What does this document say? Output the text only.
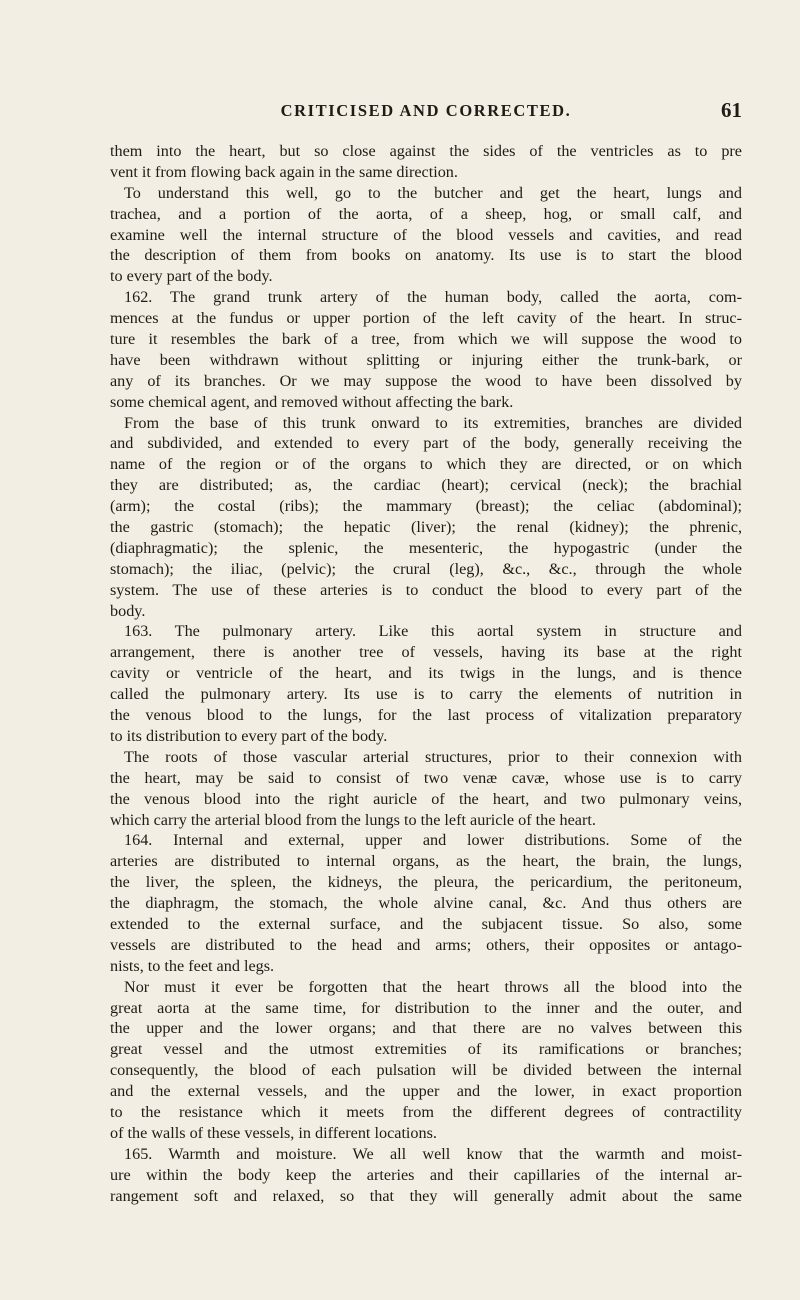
CRITICISED AND CORRECTED.	61
them into the heart, but so close against the sides of the ventricles as to pre
vent it from flowing back again in the same direction.
To understand this well, go to the butcher and get the heart, lungs and
trachea, and a portion of the aorta, of a sheep, hog, or small calf, and
examine well the internal structure of the blood vessels and cavities, and read
the description of them from books on anatomy. Its use is to start the blood
to every part of the body.
162. The grand trunk artery of the human body, called the aorta, com-
mences at the fundus or upper portion of the left cavity of the heart. In struc-
ture it resembles the bark of a tree, from which we will suppose the wood to
have been withdrawn without splitting or injuring either the trunk-bark, or
any of its branches. Or we may suppose the wood to have been dissolved by
some chemical agent, and removed without affecting the bark.
From the base of this trunk onward to its extremities, branches are divided
and subdivided, and extended to every part of the body, generally receiving the
name of the region or of the organs to which they are directed, or on which
they are distributed; as, the cardiac (heart); cervical (neck); the brachial
(arm); the costal (ribs); the mammary (breast); the celiac (abdominal);
the gastric (stomach); the hepatic (liver); the renal (kidney); the phrenic,
(diaphragmatic); the splenic, the mesenteric, the hypogastric (under the
stomach); the iliac, (pelvic); the crural (leg), &c., &c., through the whole
system. The use of these arteries is to conduct the blood to every part of the
body.
163. The pulmonary artery. Like this aortal system in structure and
arrangement, there is another tree of vessels, having its base at the right
cavity or ventricle of the heart, and its twigs in the lungs, and is thence
called the pulmonary artery. Its use is to carry the elements of nutrition in
the venous blood to the lungs, for the last process of vitalization preparatory
to its distribution to every part of the body.
The roots of those vascular arterial structures, prior to their connexion with
the heart, may be said to consist of two venæ cavæ, whose use is to carry
the venous blood into the right auricle of the heart, and two pulmonary veins,
which carry the arterial blood from the lungs to the left auricle of the heart.
164. Internal and external, upper and lower distributions. Some of the
arteries are distributed to internal organs, as the heart, the brain, the lungs,
the liver, the spleen, the kidneys, the pleura, the pericardium, the peritoneum,
the diaphragm, the stomach, the whole alvine canal, &c. And thus others are
extended to the external surface, and the subjacent tissue. So also, some
vessels are distributed to the head and arms; others, their opposites or antago-
nists, to the feet and legs.
Nor must it ever be forgotten that the heart throws all the blood into the
great aorta at the same time, for distribution to the inner and the outer, and
the upper and the lower organs; and that there are no valves between this
great vessel and the utmost extremities of its ramifications or branches;
consequently, the blood of each pulsation will be divided between the internal
and the external vessels, and the upper and the lower, in exact proportion
to the resistance which it meets from the different degrees of contractility
of the walls of these vessels, in different locations.
165. Warmth and moisture. We all well know that the warmth and moist-
ure within the body keep the arteries and their capillaries of the internal ar-
rangement soft and relaxed, so that they will generally admit about the same
